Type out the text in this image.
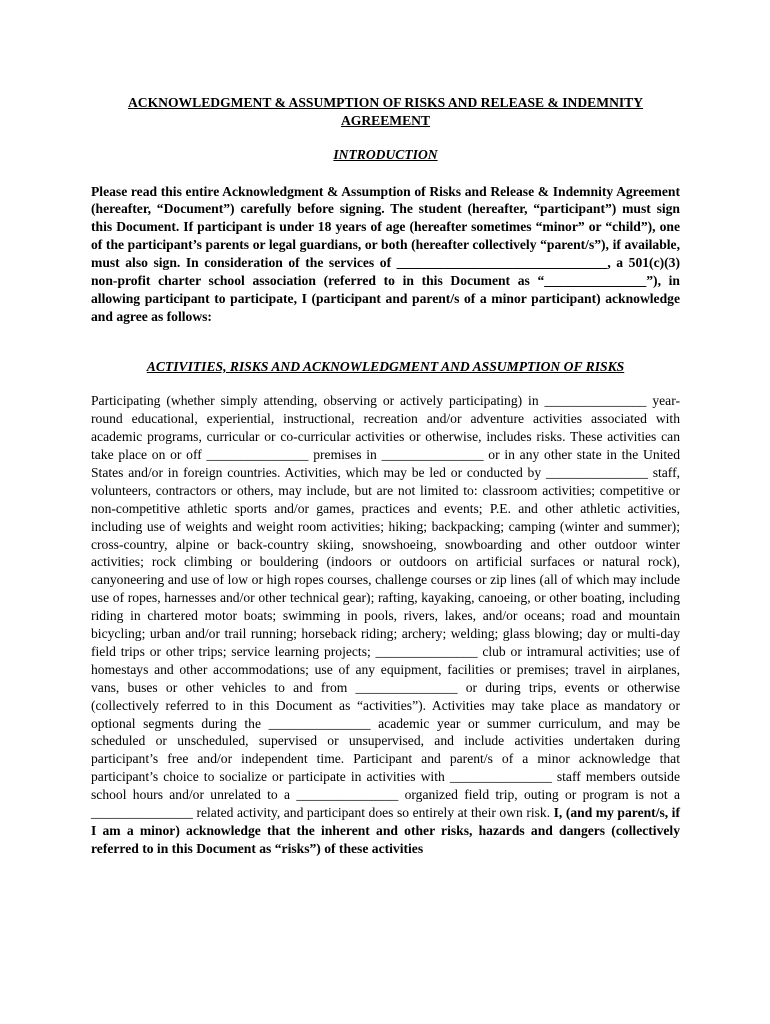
ACKNOWLEDGMENT & ASSUMPTION OF RISKS AND RELEASE & INDEMNITY AGREEMENT
INTRODUCTION

Please read this entire Acknowledgment & Assumption of Risks and Release & Indemnity Agreement (hereafter, “Document”) carefully before signing. The student (hereafter, “participant”) must sign this Document. If participant is under 18 years of age (hereafter sometimes “minor” or “child”), one of the participant’s parents or legal guardians, or both (hereafter collectively “parent/s”), if available, must also sign. In consideration of the services of _______________________________, a 501(c)(3) non-profit charter school association (referred to in this Document as “_______________”), in allowing participant to participate, I (participant and parent/s of a minor participant) acknowledge and agree as follows:

ACTIVITIES, RISKS AND ACKNOWLEDGMENT AND ASSUMPTION OF RISKS

Participating (whether simply attending, observing or actively participating) in _______________ year-round educational, experiential, instructional, recreation and/or adventure activities associated with academic programs, curricular or co-curricular activities or otherwise, includes risks. These activities can take place on or off _______________ premises in _______________ or in any other state in the United States and/or in foreign countries. Activities, which may be led or conducted by _______________ staff, volunteers, contractors or others, may include, but are not limited to: classroom activities; competitive or non-competitive athletic sports and/or games, practices and events; P.E. and other athletic activities, including use of weights and weight room activities; hiking; backpacking; camping (winter and summer); cross-country, alpine or back-country skiing, snowshoeing, snowboarding and other outdoor winter activities; rock climbing or bouldering (indoors or outdoors on artificial surfaces or natural rock), canyoneering and use of low or high ropes courses, challenge courses or zip lines (all of which may include use of ropes, harnesses and/or other technical gear); rafting, kayaking, canoeing, or other boating, including riding in chartered motor boats; swimming in pools, rivers, lakes, and/or oceans; road and mountain bicycling; urban and/or trail running; horseback riding; archery; welding; glass blowing; day or multi-day field trips or other trips; service learning projects; _______________ club or intramural activities; use of homestays and other accommodations; use of any equipment, facilities or premises; travel in airplanes, vans, buses or other vehicles to and from _______________ or during trips, events or otherwise (collectively referred to in this Document as “activities”). Activities may take place as mandatory or optional segments during the _______________ academic year or summer curriculum, and may be scheduled or unscheduled, supervised or unsupervised, and include activities undertaken during participant’s free and/or independent time. Participant and parent/s of a minor acknowledge that participant’s choice to socialize or participate in activities with _______________ staff members outside school hours and/or unrelated to a _______________ organized field trip, outing or program is not a _______________ related activity, and participant does so entirely at their own risk. I, (and my parent/s, if I am a minor) acknowledge that the inherent and other risks, hazards and dangers (collectively referred to in this Document as “risks”) of these activities
